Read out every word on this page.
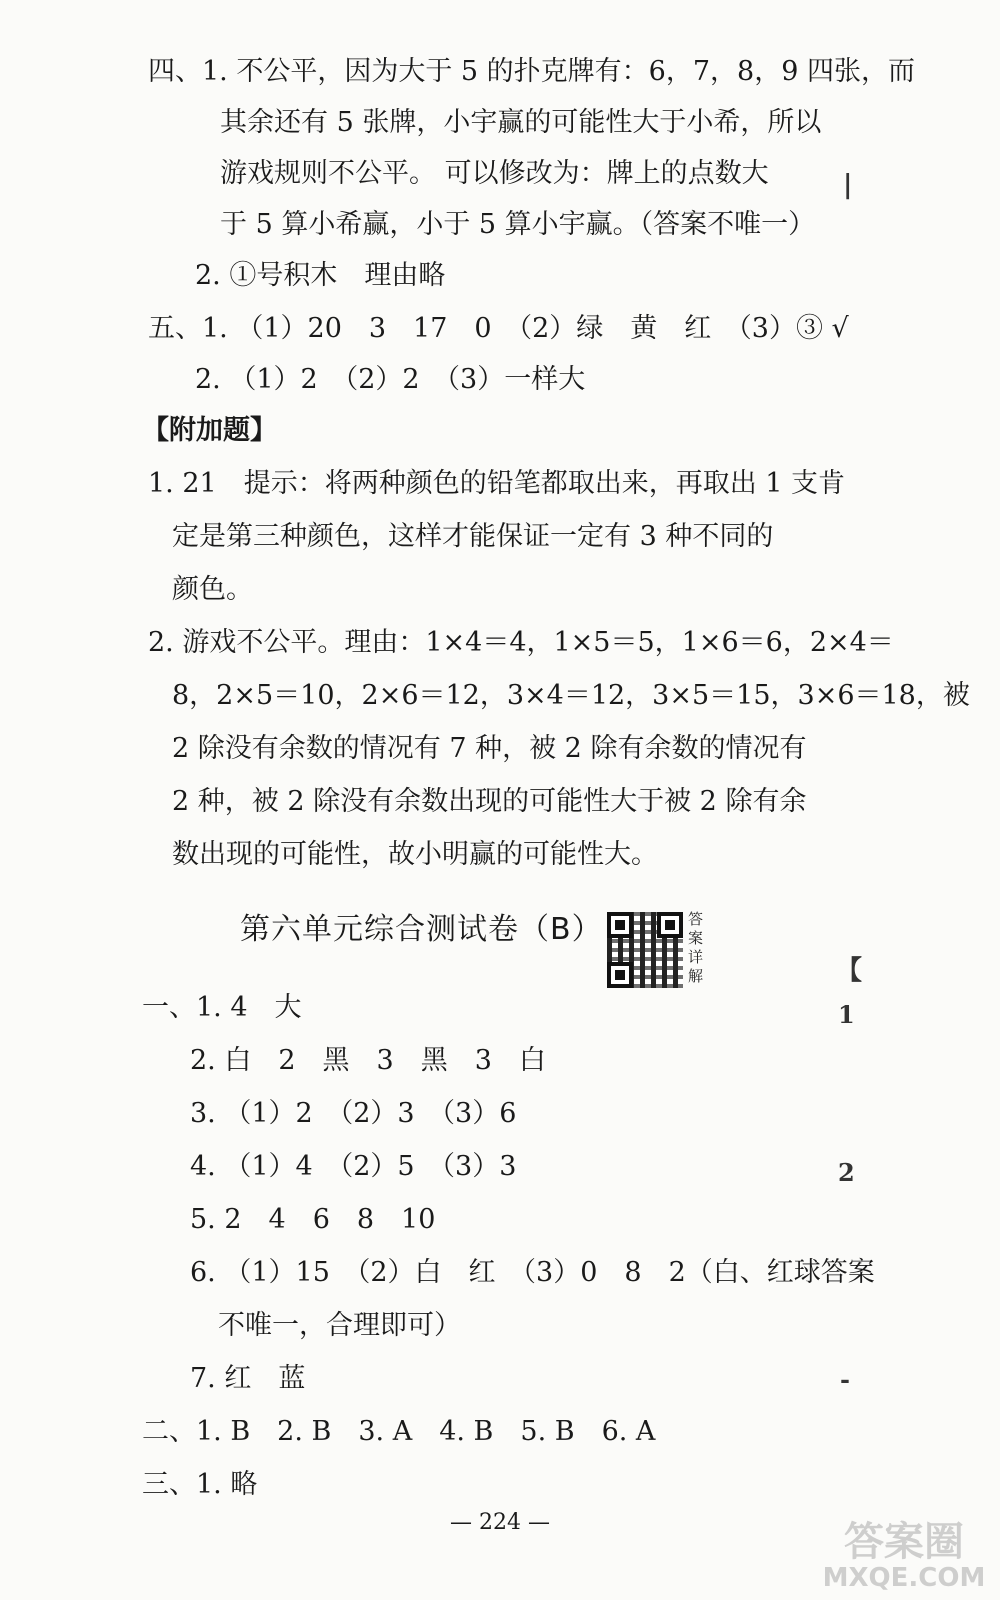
四、1. 不公平，因为大于 5 的扑克牌有：6，7，8，9 四张，而
其余还有 5 张牌，小宇赢的可能性大于小希，所以
游戏规则不公平。 可以修改为：牌上的点数大
于 5 算小希赢，小于 5 算小宇赢。（答案不唯一）
2. ①号积木　理由略
五、1. （1）20　3　17　0　（2）绿　黄　红　（3）③ √
2. （1）2　（2）2　（3）一样大
【附加题】
1. 21　提示：将两种颜色的铅笔都取出来，再取出 1 支肯
定是第三种颜色，这样才能保证一定有 3 种不同的
颜色。
2. 游戏不公平。理由：1×4＝4，1×5＝5，1×6＝6，2×4＝
8，2×5＝10，2×6＝12，3×4＝12，3×5＝15，3×6＝18，被
2 除没有余数的情况有 7 种，被 2 除有余数的情况有
2 种，被 2 除没有余数出现的可能性大于被 2 除有余
数出现的可能性，故小明赢的可能性大。
第六单元综合测试卷（B）	答案详解
一、1. 4　大
2. 白　2　黑　3　黑　3　白
3. （1）2　（2）3　（3）6
4. （1）4　（2）5　（3）3
5. 2　4　6　8　10
6. （1）15　（2）白　红　（3）0　8　2（白、红球答案
不唯一，合理即可）
7. 红　蓝
二、1. B　2. B　3. A　4. B　5. B　6. A
三、1. 略
|
【
1
2
-
— 224 —	答案圈
MXQE.COM
